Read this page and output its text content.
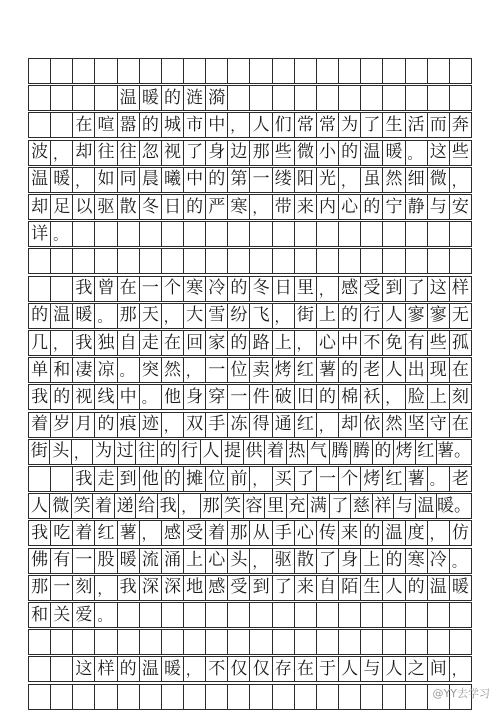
温 暖 的 涟 漪
在 喧 嚣 的 城 市 中 ， 人 们 常 常 为 了 生 活 而 奔
波 ， 却 往 往 忽 视 了 身 边 那 些 微 小 的 温 暖 。 这 些
温 暖 ， 如 同 晨 曦 中 的 第 一 缕 阳 光 ， 虽 然 细 微 ，
却 足 以 驱 散 冬 日 的 严 寒 ， 带 来 内 心 的 宁 静 与 安
详 。
我 曾 在 一 个 寒 冷 的 冬 日 里 ， 感 受 到 了 这 样
的 温 暖 。 那 天 ， 大 雪 纷 飞 ， 街 上 的 行 人 寥 寥 无
几 ， 我 独 自 走 在 回 家 的 路 上 ， 心 中 不 免 有 些 孤
单 和 凄 凉 。 突 然 ， 一 位 卖 烤 红 薯 的 老 人 出 现 在
我 的 视 线 中 。 他 身 穿 一 件 破 旧 的 棉 袄 ， 脸 上 刻
着 岁 月 的 痕 迹 ， 双 手 冻 得 通 红 ， 却 依 然 坚 守 在
街 头 ， 为 过 往 的 行 人 提 供 着 热 气 腾 腾 的 烤 红 薯。
我 走 到 他 的 摊 位 前 ， 买 了 一 个 烤 红 薯 。 老
人 微 笑 着 递 给 我 ， 那 笑 容 里 充 满 了 慈 祥 与 温 暖。
我 吃 着 红 薯 ， 感 受 着 那 从 手 心 传 来 的 温 度 ， 仿
佛 有 一 股 暖 流 涌 上 心 头 ， 驱 散 了 身 上 的 寒 冷 。
那 一 刻 ， 我 深 深 地 感 受 到 了 来 自 陌 生 人 的 温 暖
和 关 爱 。
这 样 的 温 暖 ， 不 仅 仅 存 在 于 人 与 人 之 间 ，
@YY去学习
